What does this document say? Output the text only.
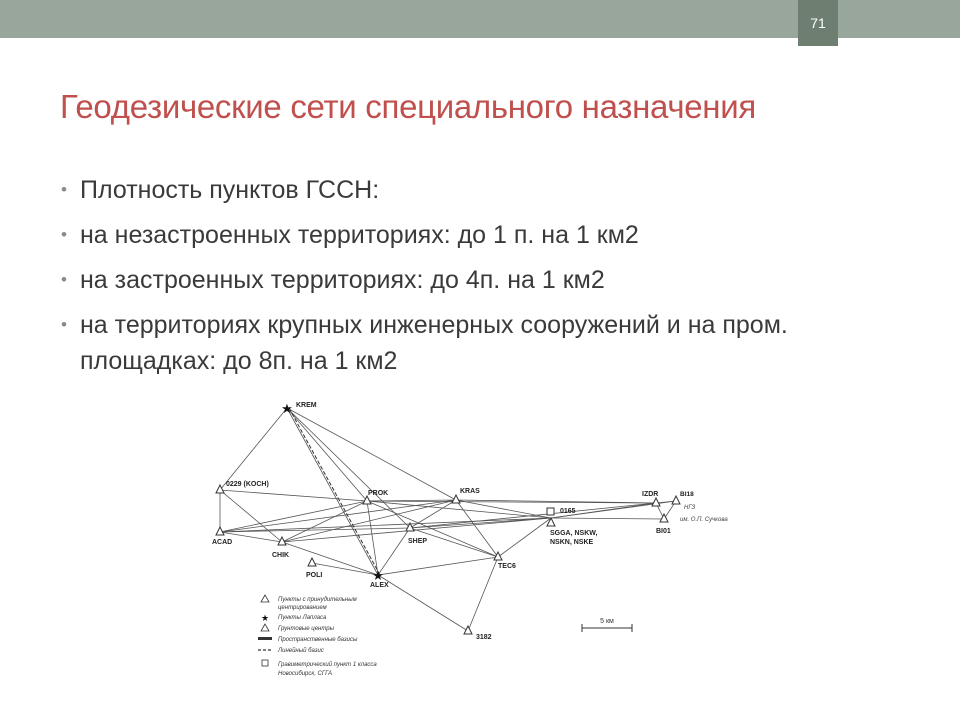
71
Геодезические сети специального назначения
• Плотность пунктов ГССН:
• на незастроенных территориях: до 1 п. на 1 км2
• на застроенных территориях: до 4п. на 1 км2
• на территориях крупных инженерных сооружений и на пром. площадках: до 8п. на 1 км2
★
★
KREM
0229 (KOCH)
ACAD
CHIK
POLI
ALEX
PROK	KRAS
SHEP
0165
SGGA, NSKW,
NSKN, NSKE
TEC6
IZDR	BI18
BI01
3182
НГЗ
им. О.П. Сучкова
5 км
Пункты с принудительным
центрированием
★ Пункты Лапласа
Грунтовые центры
Пространственные базисы
Линейный базис
Гравиметрический пункт 1 класса
Новосибирск, СГГА
